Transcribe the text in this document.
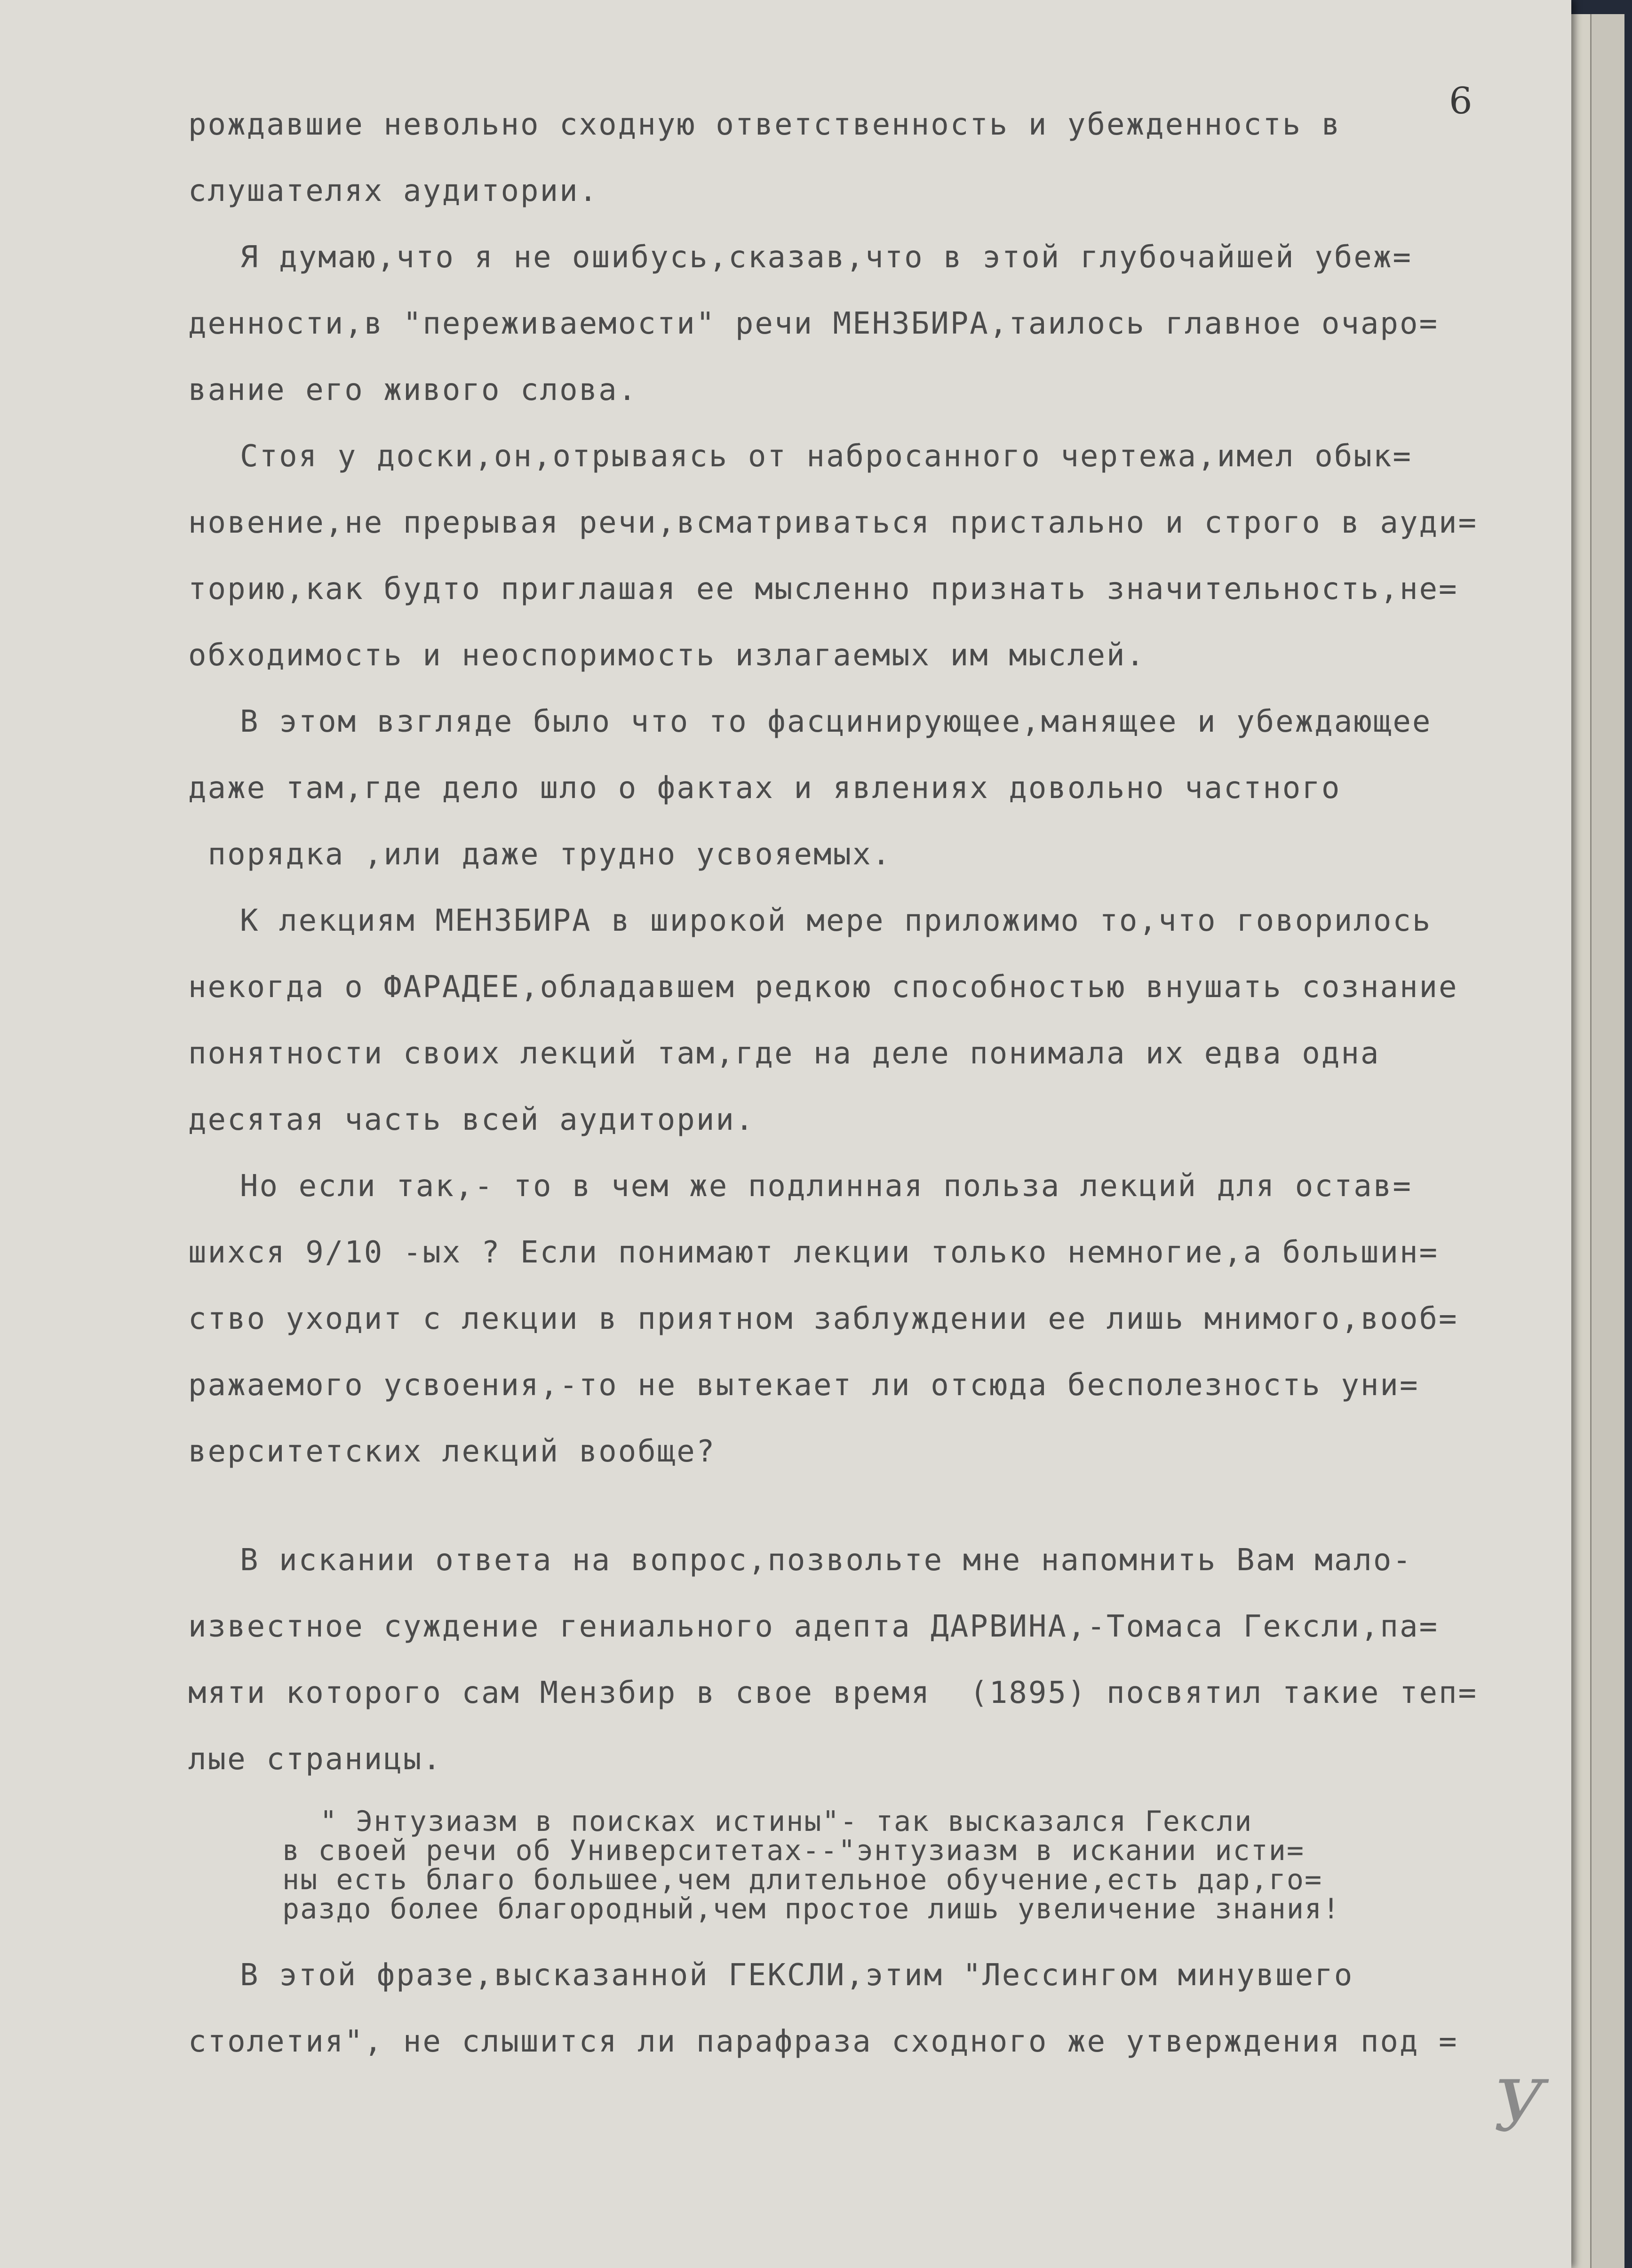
6
рождавшие невольно сходную ответственность и убежденность в
слушателях аудитории.
Я думаю,что я не ошибусь,сказав,что в этой глубочайшей убеж=
денности,в "переживаемости" речи МЕНЗБИРА,таилось главное очаро=
вание его живого слова.
Стоя у доски,он,отрываясь от набросанного чертежа,имел обык=
новение,не прерывая речи,всматриваться пристально и строго в ауди=
торию,как будто приглашая ее мысленно признать значительность,не=
обходимость и неоспоримость излагаемых им мыслей.
В этом взгляде было что то фасцинирующее,манящее и убеждающее
даже там,где дело шло о фактах и явлениях довольно частного
порядка ,или даже трудно усвояемых.
К лекциям МЕНЗБИРА в широкой мере приложимо то,что говорилось
некогда о ФАРАДЕЕ,обладавшем редкою способностью внушать сознание
понятности своих лекций там,где на деле понимала их едва одна
десятая часть всей аудитории.
Но если так,- то в чем же подлинная польза лекций для остав=
шихся 9/10 -ых ? Если понимают лекции только немногие,а большин=
ство уходит с лекции в приятном заблуждении ее лишь мнимого,вооб=
ражаемого усвоения,-то не вытекает ли отсюда бесполезность уни=
верситетских лекций вообще?
В искании ответа на вопрос,позвольте мне напомнить Вам мало-
известное суждение гениального адепта ДАРВИНА,-Томаса Гексли,па=
мяти которого сам Мензбир в свое время  (1895) посвятил такие теп=
лые страницы.
" Энтузиазм в поисках истины"- так высказался Гексли
в своей речи об Университетах--"энтузиазм в искании исти=
ны есть благо большее,чем длительное обучение,есть дар,го=
раздо более благородный,чем простое лишь увеличение знания!
В этой фразе,высказанной ГЕКСЛИ,этим "Лессингом минувшего
столетия", не слышится ли парафраза сходного же утверждения под =
У
